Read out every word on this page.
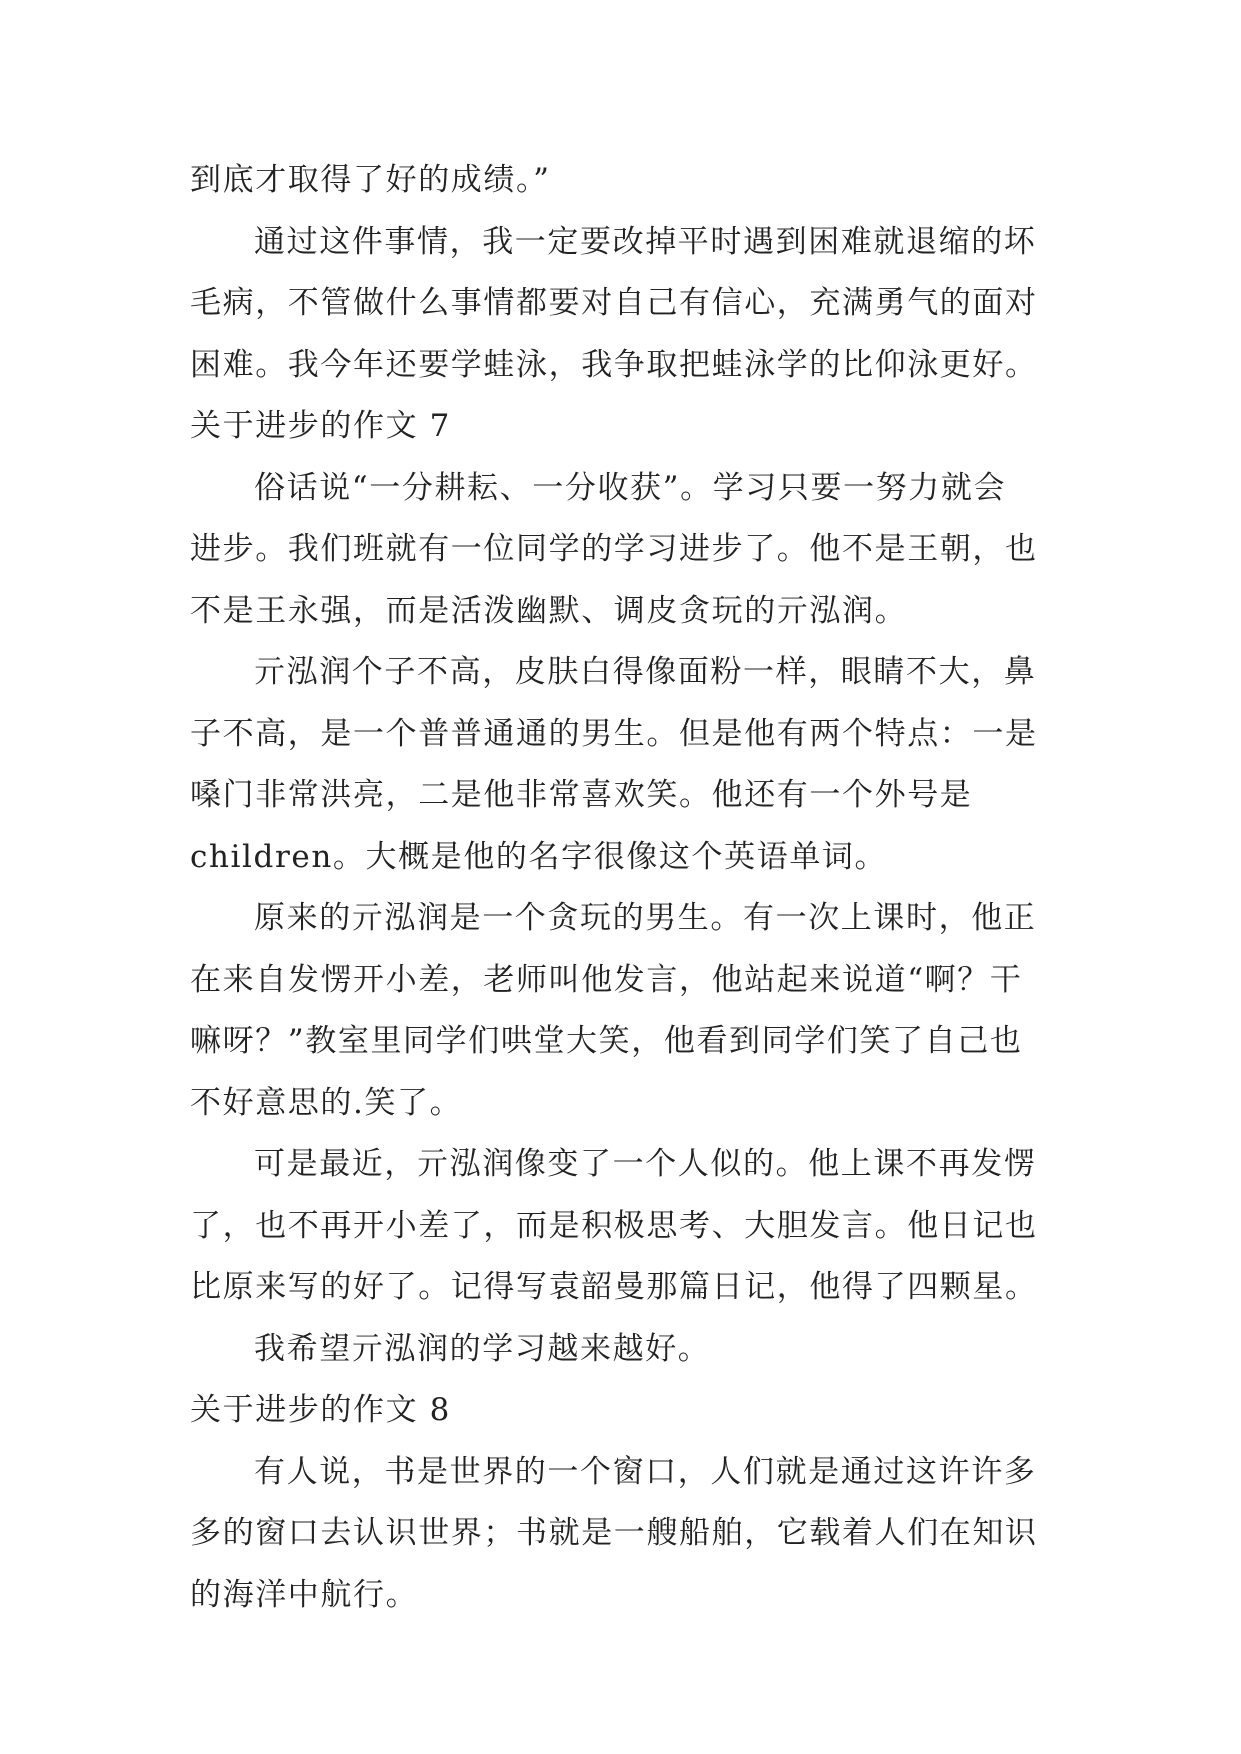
到底才取得了好的成绩。”

通过这件事情，我一定要改掉平时遇到困难就退缩的坏

毛病，不管做什么事情都要对自己有信心，充满勇气的面对

困难。我今年还要学蛙泳，我争取把蛙泳学的比仰泳更好。

关于进步的作文 7

俗话说“一分耕耘、一分收获”。学习只要一努力就会

进步。我们班就有一位同学的学习进步了。他不是王朝，也

不是王永强，而是活泼幽默、调皮贪玩的亓泓润。

亓泓润个子不高，皮肤白得像面粉一样，眼睛不大，鼻

子不高，是一个普普通通的男生。但是他有两个特点：一是

嗓门非常洪亮，二是他非常喜欢笑。他还有一个外号是

children。大概是他的名字很像这个英语单词。

原来的亓泓润是一个贪玩的男生。有一次上课时，他正

在来自发愣开小差，老师叫他发言，他站起来说道“啊？干

嘛呀？”教室里同学们哄堂大笑，他看到同学们笑了自己也

不好意思的.笑了。

可是最近，亓泓润像变了一个人似的。他上课不再发愣

了，也不再开小差了，而是积极思考、大胆发言。他日记也

比原来写的好了。记得写袁韶曼那篇日记，他得了四颗星。

我希望亓泓润的学习越来越好。

关于进步的作文 8

有人说，书是世界的一个窗口，人们就是通过这许许多

多的窗口去认识世界；书就是一艘船舶，它载着人们在知识

的海洋中航行。
